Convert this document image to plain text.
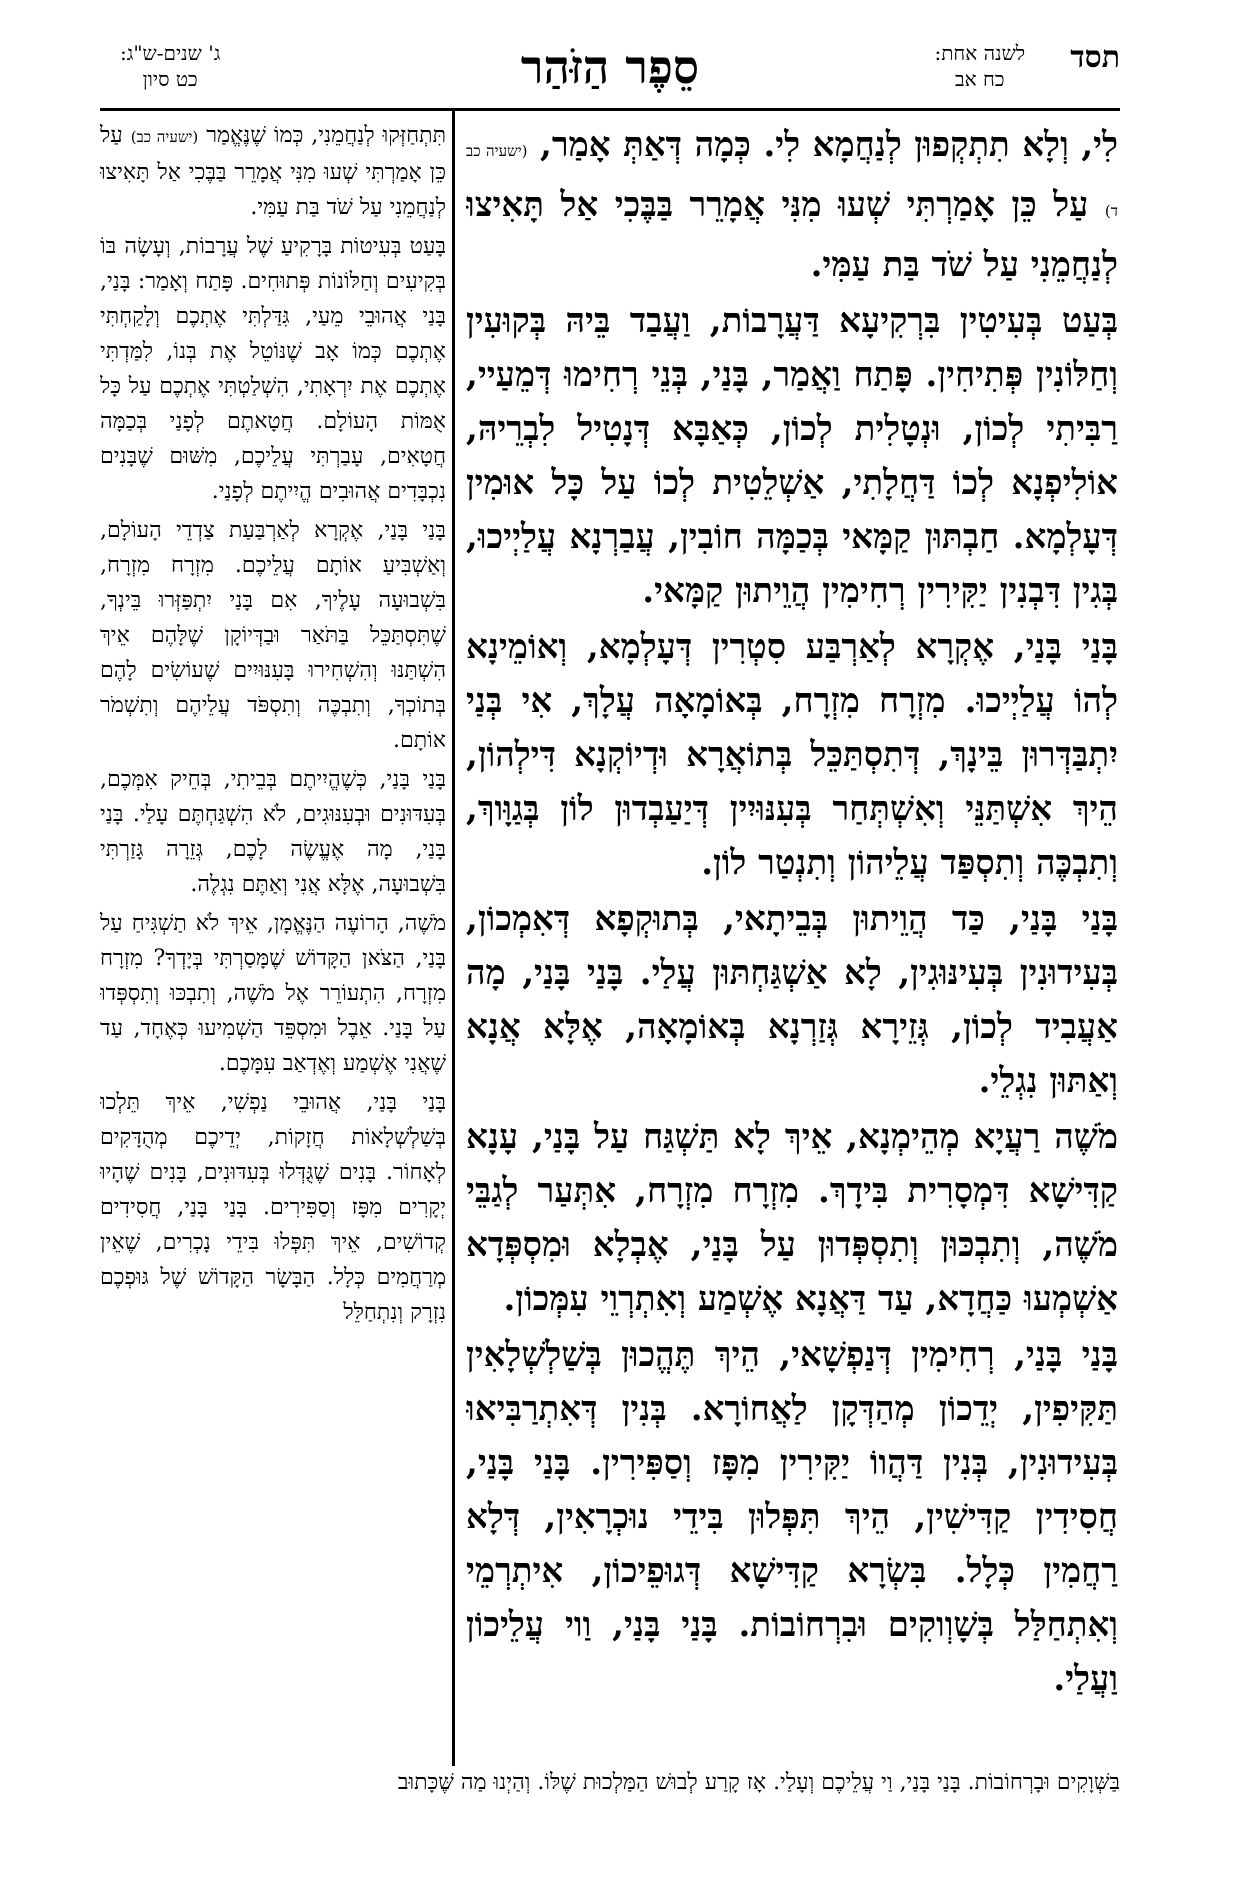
תסד לשנה אחת:
כח אב
סֵפֶר הַזֹּהַר
ג' שנים-ש"ג:
כט סיון

לִי, וְלָא תִתְקְפוּן לְנַחֲמָא לִי. כְּמָה דְּאַתְּ אָמַר, (ישעיה כב ד) עַל כֵּן אָמַרְתִּי שְׁעוּ מִנִּי אֲמָרֵר בַּבֶּכִי אַל תָּאִיצוּ לְנַחֲמֵנִי עַל שֹׁד בַּת עַמִּי.

בְּעַט בְּעִיטִין בִּרְקִיעָא דַּעֲרָבוֹת, וַעֲבַד בֵּיהּ בְּקוּעִין וְחַלּוֹנִין פְּתִיחִין. פָּתַח וַאֲמַר, בָּנַי, בְּנֵי רְחִימוּ דְּמֵעַיי, רַבִּיתִי לְכוֹן, וּנְטָלִית לְכוֹן, כְּאַבָּא דְּנָטִיל לִבְרֵיהּ, אוֹלִיפְנָא לְכוֹ דַּחֲלָתִי, אַשְׁלֵטִית לְכוֹ עַל כָּל אוּמִין דְּעָלְמָא. חַבְתּוּן קַמָּאי בְּכַמָּה חוֹבִין, עֲבַרְנָא עֲלַיְיכוּ, בְּגִין דִּבְנִין יַקִּירִין רְחִימִין הֲוֵיתוּן קַמָּאי.

בָּנַי בָּנַי, אֶקְרָא לְאַרְבַּע סִטְרִין דְּעָלְמָא, וְאוֹמֵינָא לְהוֹ עֲלַיְיכוּ. מִזְרָח מִזְרָח, בְּאוֹמָאָה עֲלָךְ, אִי בְּנַי יִתְבַּדְּרוּן בֵּינָךְ, דְּתִסְתַּכֵּל בְּתוֹאֲרָא וּדְיוֹקְנָא דִּילְהוֹן, הֵיךְ אִשְׁתַּנֵּי וְאִשְׁתְּחַר בְּעִנּוּיִין דְּיַעַבְדוּן לוֹן בְּגַוָּוךְ, וְתִבְכֶּה וְתִסְפַּד עֲלֵיהוֹן וְתִנְטַר לוֹן.

בָּנַי בָּנַי, כַּד הֲוֵיתוּן בְּבֵיתָאי, בְּתוּקְפָא דְּאִמְכוֹן, בְּעִידוּנִין בְּעִינּוּגִין, לָא אַשְׁגַּחְתּוּן עֲלַי. בָּנַי בָּנַי, מָה אַעֲבִיד לְכוֹן, גְּזֵירָא גְּזַרְנָא בְּאוֹמָאָה, אֶלָּא אֲנָא וְאַתּוּן נִגְלֵי.

מֹשֶׁה רַעֲיָא מְהֵימְנָא, אֵיךְ לָא תַּשְׁגַּח עַל בָּנַי, עָנָא קַדִּישָׁא דִּמְסָרִית בִּידָךְ. מִזְרָח מִזְרָח, אִתְּעַר לְגַבֵּי מֹשֶׁה, וְתִבְכּוּן וְתִסְפְּדוּן עַל בָּנַי, אֶבְלָא וּמִסְפְּדָא אַשְׁמְעוּ כַּחֲדָא, עַד דַּאֲנָא אֶשְׁמַע וְאִתְרְוֵי עִמְּכוֹן.

בָּנַי בָּנַי, רְחִימִין דְּנַפְשָׁאי, הֵיךְ תֶּהֱכוּן בְּשַׁלְשְׁלָאִין תַּקִּיפִין, יְדֵכוֹן מְהַדְּקָן לַאֲחוֹרָא. בְּנִין דְּאִתְרַבִּיאוּ בְּעִידוּנִין, בְּנִין דַּהֲווֹ יַקִּירִין מִפָּז וְסַפִּירִין. בָּנַי בָּנַי, חֲסִידִין קַדִּישִׁין, הֵיךְ תִּפְּלוּן בִּידֵי נוּכְרָאִין, דְּלָא רַחֲמִין כְּלָל. בִּשְׂרָא קַדִּישָׁא דְּגוּפֵיכוֹן, אִיתְרְמֵי וְאִתְחַלַּל בְּשָׁוְוקִים וּבִרְחוֹבוֹת. בָּנַי בָּנַי, וַוי עֲלֵיכוֹן וַעֲלַי.

תִּתְחַזְּקוּ לְנַחֲמֵנִי, כְּמוֹ שֶׁנֶּאֱמַר (ישעיה כב) עַל כֵּן אָמַרְתִּי שְׁעוּ מִנִּי אֲמָרֵר בַּבֶּכִי אַל תָּאִיצוּ לְנַחֲמֵנִי עַל שֹׁד בַּת עַמִּי.

בָּעַט בְּעִיטוֹת בָּרָקִיעַ שֶׁל עֲרָבוֹת, וְעָשָׂה בּוֹ בְּקִיעִים וְחַלּוֹנוֹת פְּתוּחִים. פָּתַח וְאָמַר: בָּנַי, בָּנַי אֲהוּבֵי מֵעַי, גִּדַּלְתִּי אֶתְכֶם וְלָקַחְתִּי אֶתְכֶם כְּמוֹ אָב שֶׁנּוֹטֵל אֶת בְּנוֹ, לִמַּדְתִּי אֶתְכֶם אֶת יִרְאָתִי, הִשְׁלַטְתִּי אֶתְכֶם עַל כָּל אֻמּוֹת הָעוֹלָם. חֲטָאתֶם לְפָנַי בְּכַמָּה חֲטָאִים, עָבַרְתִּי עֲלֵיכֶם, מִשּׁוּם שֶׁבָּנִים נִכְבָּדִים אֲהוּבִים הֱיִיתֶם לְפָנַי.

בָּנַי בָּנַי, אֶקְרָא לְאַרְבַּעַת צַדְדֵי הָעוֹלָם, וְאַשְׁבִּיעַ אוֹתָם עֲלֵיכֶם. מִזְרָח מִזְרָח, בִּשְׁבוּעָה עָלֶיךָ, אִם בָּנַי יִתְפַּזְּרוּ בֵּינְךָ, שֶׁתִּסְתַּכֵּל בַּתֹּאַר וּבַדְּיוֹקָן שֶׁלָּהֶם אֵיךְ הִשְׁתַּנּוּ וְהִשְׁחִירוּ בָּעִנּוּיִים שֶׁעוֹשִׂים לָהֶם בְּתוֹכְךָ, וְתִבְכֶּה וְתִסְפֹּד עֲלֵיהֶם וְתִשְׁמֹר אוֹתָם.

בָּנַי בָּנַי, כְּשֶׁהֱיִיתֶם בְּבֵיתִי, בְּחֵיק אִמְּכֶם, בְּעִדּוּנִים וּבְעִנּוּגִים, לֹא הִשְׁגַּחְתֶּם עָלַי. בָּנַי בָּנַי, מָה אֶעֱשֶׂה לָכֶם, גְּזֵרָה גָּזַרְתִּי בִּשְׁבוּעָה, אֶלָּא אֲנִי וְאַתֶּם נִגְלֶה.

מֹשֶׁה, הָרוֹעֶה הַנֶּאֱמָן, אֵיךְ לֹא תַשְׁגִּיחַ עַל בָּנַי, הַצֹּאן הַקָּדוֹשׁ שֶׁמָּסַרְתִּי בְּיָדְךָ? מִזְרָח מִזְרָח, הִתְעוֹרֵר אֶל מֹשֶׁה, וְתִבְכּוּ וְתִסְפְּדוּ עַל בָּנַי. אֵבֶל וּמִסְפֵּד הַשְׁמִיעוּ כְּאֶחָד, עַד שֶׁאֲנִי אֶשְׁמַע וְאֶדְאַב עִמָּכֶם.

בָּנַי בָּנַי, אֲהוּבֵי נַפְשִׁי, אֵיךְ תֵּלְכוּ בְּשַׁלְשְׁלָאוֹת חֲזָקוֹת, יְדֵיכֶם מְהֻדָּקִים לְאָחוֹר. בָּנִים שֶׁגֻּדְּלוּ בְּעִדּוּנִים, בָּנִים שֶׁהָיוּ יְקָרִים מִפָּז וְסַפִּירִים. בָּנַי בָּנַי, חֲסִידִים קְדוֹשִׁים, אֵיךְ תִּפְּלוּ בִּידֵי נָכְרִים, שֶׁאֵין מְרַחֲמִים כְּלָל. הַבָּשָׂר הַקָּדוֹשׁ שֶׁל גּוּפְכֶם נִזְרָק וְנִתְחַלֵּל

בַּשְּׁוָקִים וּבָרְחוֹבוֹת. בָּנַי בָּנַי, וַי עֲלֵיכֶם וְעָלַי. אָז קָרַע לְבוּשׁ הַמַּלְכוּת שֶׁלּוֹ. וְהַיְנוּ מַה שֶּׁכָּתוּב
